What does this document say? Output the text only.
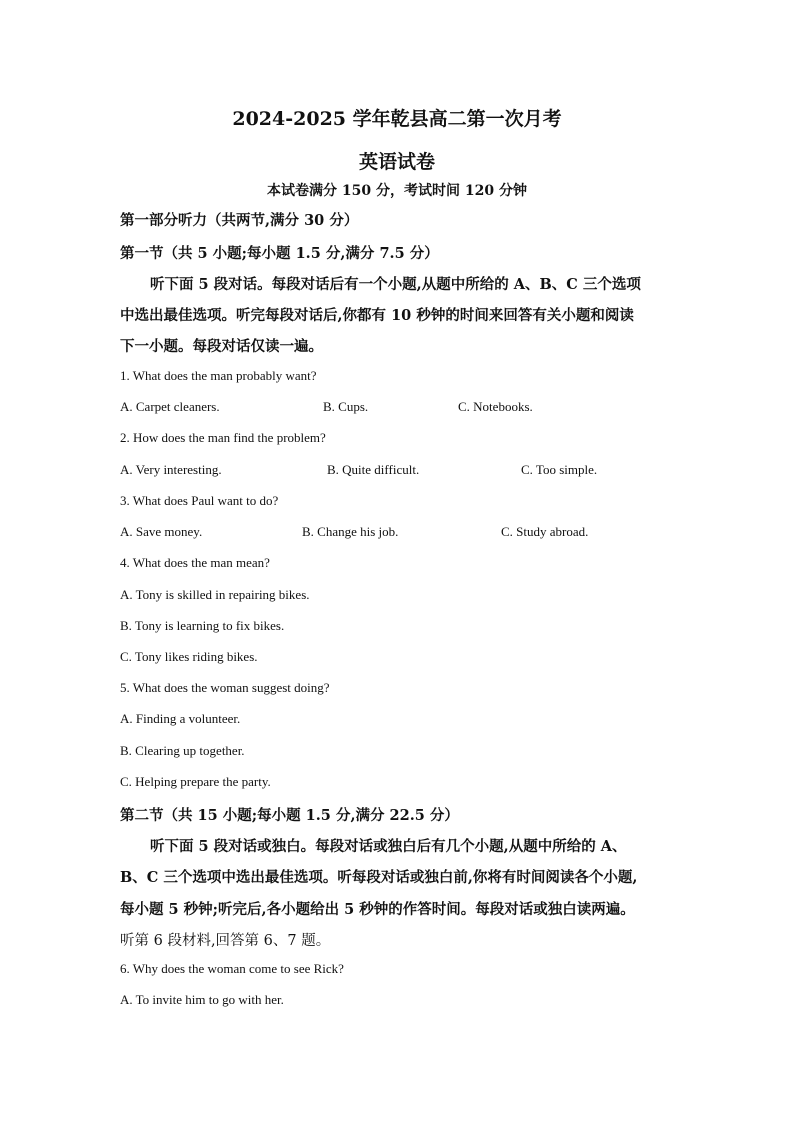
2024-2025 学年乾县高二第一次月考
英语试卷
本试卷满分 150 分，考试时间 120 分钟
第一部分听力（共两节,满分 30 分）
第一节（共 5 小题;每小题 1.5 分,满分 7.5 分）
听下面 5 段对话。每段对话后有一个小题,从题中所给的 A、B、C 三个选项
中选出最佳选项。听完每段对话后,你都有 10 秒钟的时间来回答有关小题和阅读
下一小题。每段对话仅读一遍。
1. What does the man probably want?
A. Carpet cleaners.	B. Cups.	C. Notebooks.
2. How does the man find the problem?
A. Very interesting.	B. Quite difficult.	C. Too simple.
3. What does Paul want to do?
A. Save money.	B. Change his job.	C. Study abroad.
4. What does the man mean?
A. Tony is skilled in repairing bikes.
B. Tony is learning to fix bikes.
C. Tony likes riding bikes.
5. What does the woman suggest doing?
A. Finding a volunteer.
B. Clearing up together.
C. Helping prepare the party.
第二节（共 15 小题;每小题 1.5 分,满分 22.5 分）
听下面 5 段对话或独白。每段对话或独白后有几个小题,从题中所给的 A、
B、C 三个选项中选出最佳选项。听每段对话或独白前,你将有时间阅读各个小题,
每小题 5 秒钟;听完后,各小题给出 5 秒钟的作答时间。每段对话或独白读两遍。
听第 6 段材料,回答第 6、7 题。
6. Why does the woman come to see Rick?
A. To invite him to go with her.
